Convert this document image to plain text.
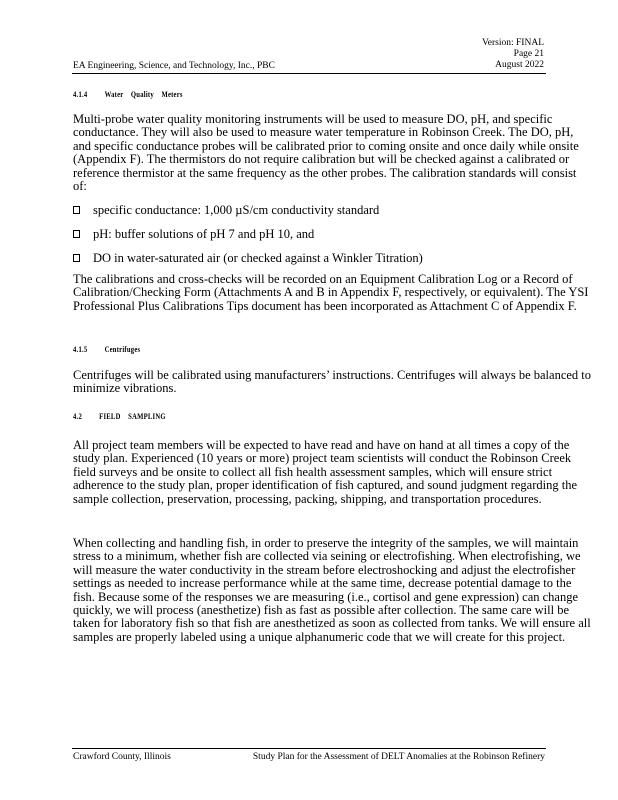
Version: FINAL
Page 21
August 2022
EA Engineering, Science, and Technology, Inc., PBC
4.1.4 Water    Quality    Meters

Multi-probe water quality monitoring instruments will be used to measure DO, pH, and specific conductance. They will also be used to measure water temperature in Robinson Creek. The DO, pH, and specific conductance probes will be calibrated prior to coming onsite and once daily while onsite (Appendix F). The thermistors do not require calibration but will be checked against a calibrated or reference thermistor at the same frequency as the other probes. The calibration standards will consist of:

specific conductance: 1,000 µS/cm conductivity standard
pH: buffer solutions of pH 7 and pH 10, and
DO in water-saturated air (or checked against a Winkler Titration)

The calibrations and cross-checks will be recorded on an Equipment Calibration Log or a Record of Calibration/Checking Form (Attachments A and B in Appendix F, respectively, or equivalent). The YSI Professional Plus Calibrations Tips document has been incorporated as Attachment C of Appendix F.

4.1.5 Centrifuges

Centrifuges will be calibrated using manufacturers’ instructions. Centrifuges will always be balanced to minimize vibrations.

4.2 FIELD    SAMPLING

All project team members will be expected to have read and have on hand at all times a copy of the study plan. Experienced (10 years or more) project team scientists will conduct the Robinson Creek field surveys and be onsite to collect all fish health assessment samples, which will ensure strict adherence to the study plan, proper identification of fish captured, and sound judgment regarding the sample collection, preservation, processing, packing, shipping, and transportation procedures.

When collecting and handling fish, in order to preserve the integrity of the samples, we will maintain stress to a minimum, whether fish are collected via seining or electrofishing. When electrofishing, we will measure the water conductivity in the stream before electroshocking and adjust the electrofisher settings as needed to increase performance while at the same time, decrease potential damage to the fish. Because some of the responses we are measuring (i.e., cortisol and gene expression) can change quickly, we will process (anesthetize) fish as fast as possible after collection. The same care will be taken for laboratory fish so that fish are anesthetized as soon as collected from tanks. We will ensure all samples are properly labeled using a unique alphanumeric code that we will create for this project.

Crawford County, Illinois	Study Plan for the Assessment of DELT Anomalies at the Robinson Refinery
